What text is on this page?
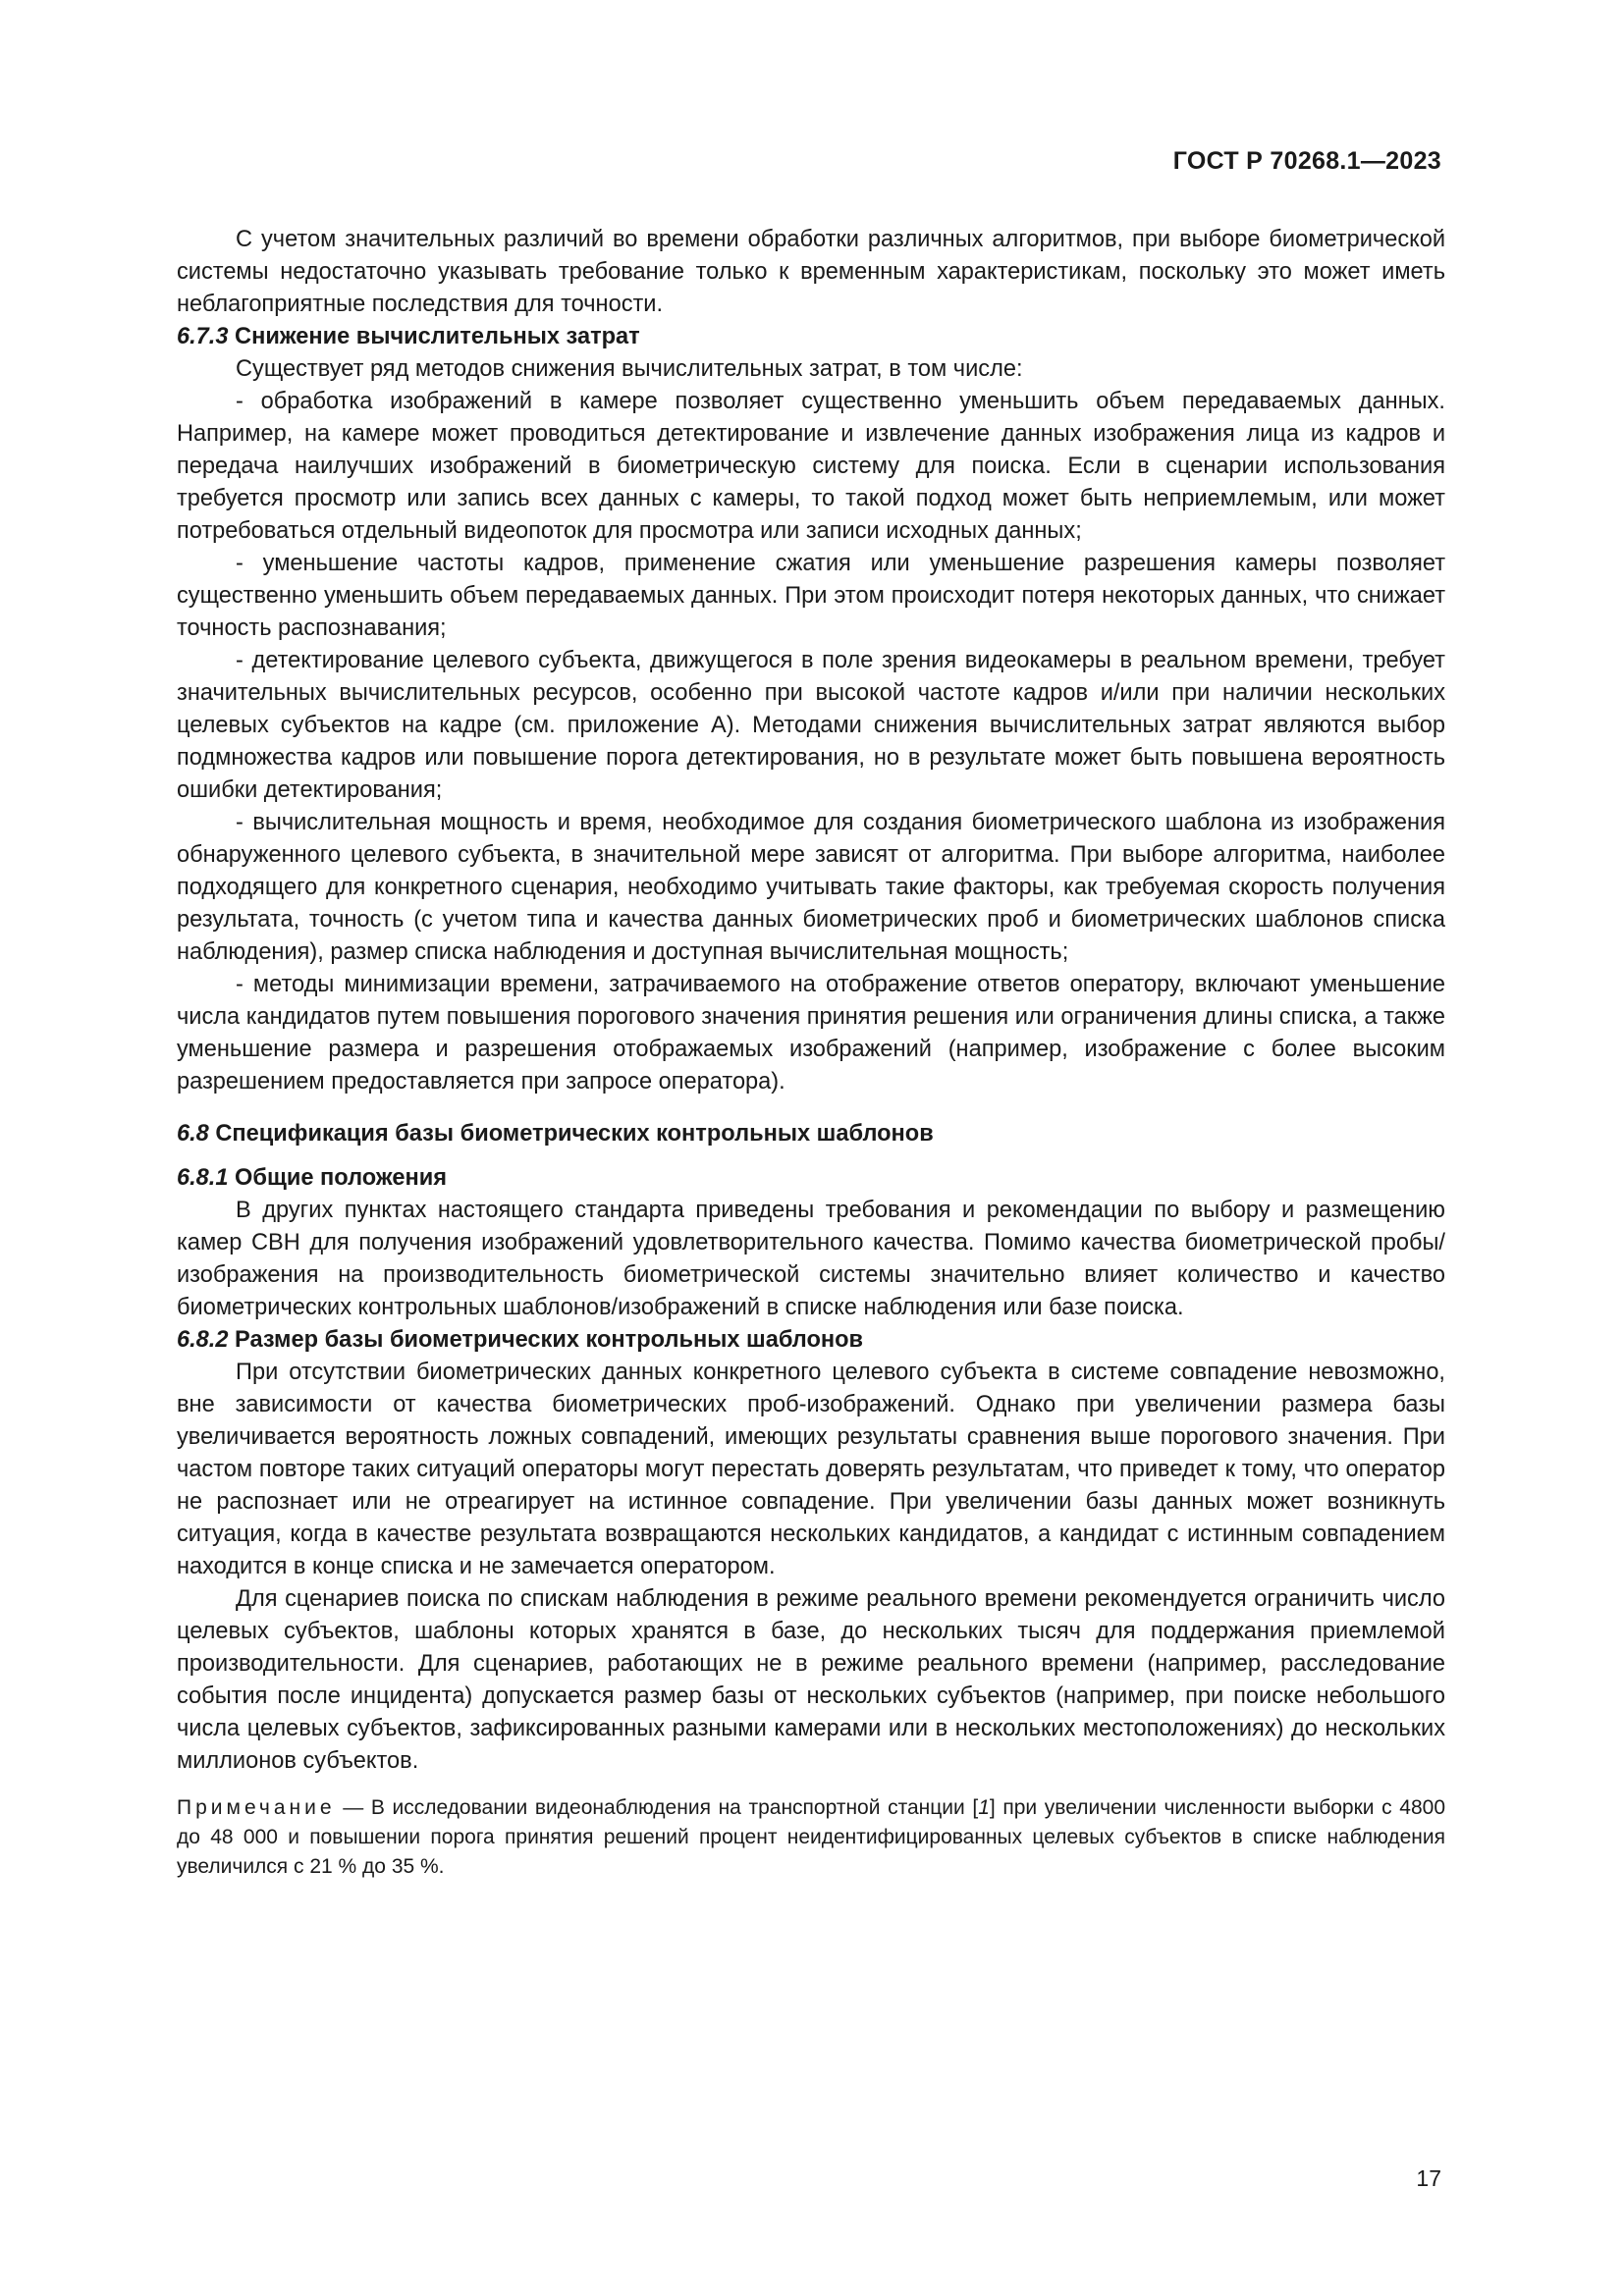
ГОСТ Р 70268.1—2023

С учетом значительных различий во времени обработки различных алгоритмов, при выборе биометрической системы недостаточно указывать требование только к временным характеристикам, поскольку это может иметь неблагоприятные последствия для точности.

6.7.3 Снижение вычислительных затрат

Существует ряд методов снижения вычислительных затрат, в том числе:

- обработка изображений в камере позволяет существенно уменьшить объем передаваемых данных. Например, на камере может проводиться детектирование и извлечение данных изображения лица из кадров и передача наилучших изображений в биометрическую систему для поиска. Если в сценарии использования требуется просмотр или запись всех данных с камеры, то такой подход может быть неприемлемым, или может потребоваться отдельный видеопоток для просмотра или записи исходных данных;

- уменьшение частоты кадров, применение сжатия или уменьшение разрешения камеры позволяет существенно уменьшить объем передаваемых данных. При этом происходит потеря некоторых данных, что снижает точность распознавания;

- детектирование целевого субъекта, движущегося в поле зрения видеокамеры в реальном времени, требует значительных вычислительных ресурсов, особенно при высокой частоте кадров и/или при наличии нескольких целевых субъектов на кадре (см. приложение А). Методами снижения вычислительных затрат являются выбор подмножества кадров или повышение порога детектирования, но в результате может быть повышена вероятность ошибки детектирования;

- вычислительная мощность и время, необходимое для создания биометрического шаблона из изображения обнаруженного целевого субъекта, в значительной мере зависят от алгоритма. При выборе алгоритма, наиболее подходящего для конкретного сценария, необходимо учитывать такие факторы, как требуемая скорость получения результата, точность (с учетом типа и качества данных биометрических проб и биометрических шаблонов списка наблюдения), размер списка наблюдения и доступная вычислительная мощность;

- методы минимизации времени, затрачиваемого на отображение ответов оператору, включают уменьшение числа кандидатов путем повышения порогового значения принятия решения или ограничения длины списка, а также уменьшение размера и разрешения отображаемых изображений (например, изображение с более высоким разрешением предоставляется при запросе оператора).

6.8 Спецификация базы биометрических контрольных шаблонов

6.8.1 Общие положения

В других пунктах настоящего стандарта приведены требования и рекомендации по выбору и размещению камер СВН для получения изображений удовлетворительного качества. Помимо качества биометрической пробы/изображения на производительность биометрической системы значительно влияет количество и качество биометрических контрольных шаблонов/изображений в списке наблюдения или базе поиска.

6.8.2 Размер базы биометрических контрольных шаблонов

При отсутствии биометрических данных конкретного целевого субъекта в системе совпадение невозможно, вне зависимости от качества биометрических проб-изображений. Однако при увеличении размера базы увеличивается вероятность ложных совпадений, имеющих результаты сравнения выше порогового значения. При частом повторе таких ситуаций операторы могут перестать доверять результатам, что приведет к тому, что оператор не распознает или не отреагирует на истинное совпадение. При увеличении базы данных может возникнуть ситуация, когда в качестве результата возвращаются нескольких кандидатов, а кандидат с истинным совпадением находится в конце списка и не замечается оператором.

Для сценариев поиска по спискам наблюдения в режиме реального времени рекомендуется ограничить число целевых субъектов, шаблоны которых хранятся в базе, до нескольких тысяч для поддержания приемлемой производительности. Для сценариев, работающих не в режиме реального времени (например, расследование события после инцидента) допускается размер базы от нескольких субъектов (например, при поиске небольшого числа целевых субъектов, зафиксированных разными камерами или в нескольких местоположениях) до нескольких миллионов субъектов.

Примечание — В исследовании видеонаблюдения на транспортной станции [1] при увеличении численности выборки с 4800 до 48 000 и повышении порога принятия решений процент неидентифицированных целевых субъектов в списке наблюдения увеличился с 21 % до 35 %.

17
